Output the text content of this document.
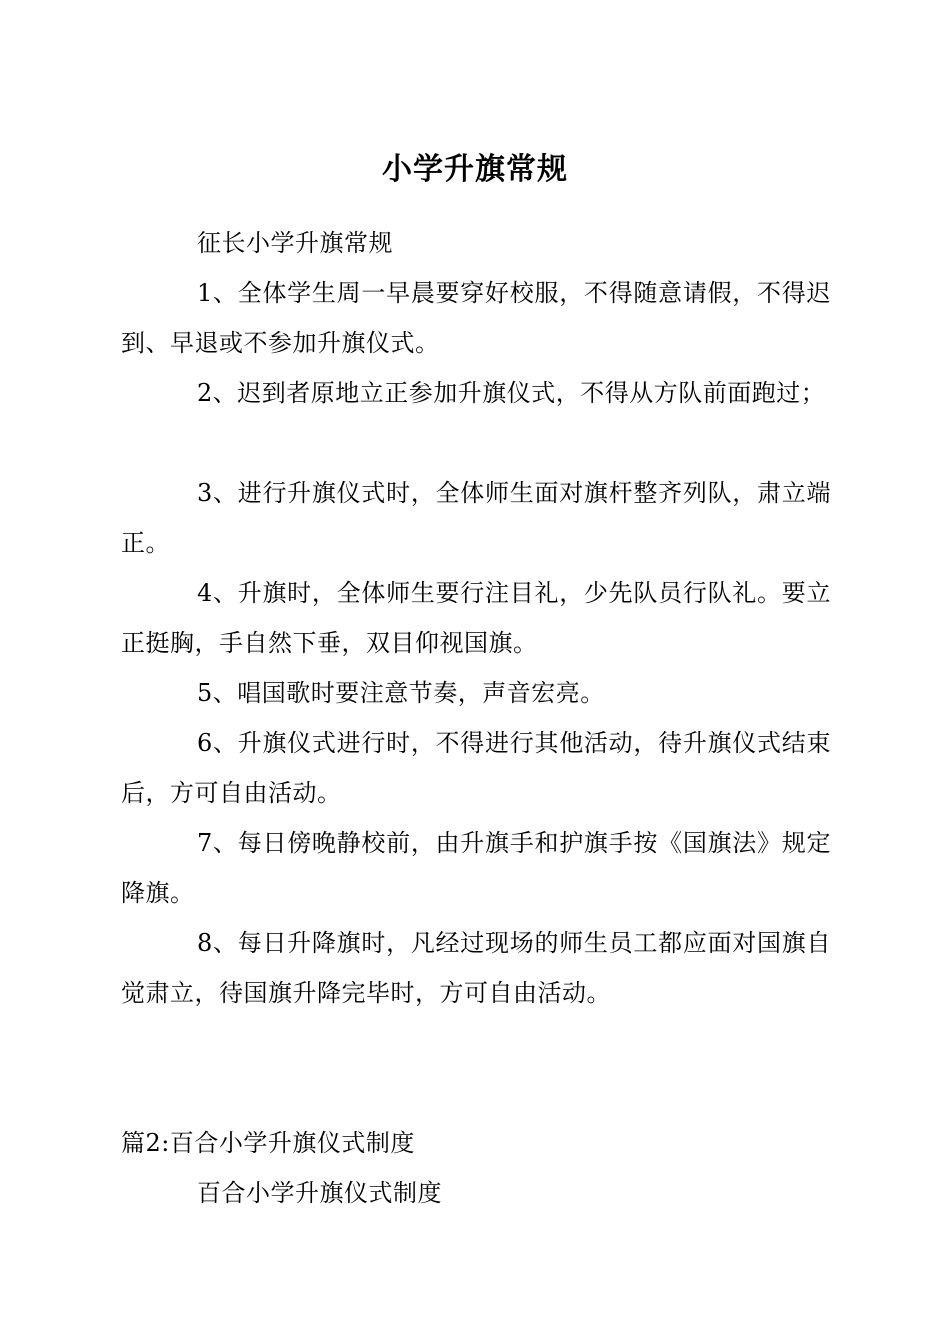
小学升旗常规

征长小学升旗常规

1、全体学生周一早晨要穿好校服，不得随意请假，不得迟到、早退或不参加升旗仪式。

2、迟到者原地立正参加升旗仪式，不得从方队前面跑过；

3、进行升旗仪式时，全体师生面对旗杆整齐列队，肃立端正。

4、升旗时，全体师生要行注目礼，少先队员行队礼。要立正挺胸，手自然下垂，双目仰视国旗。

5、唱国歌时要注意节奏，声音宏亮。

6、升旗仪式进行时，不得进行其他活动，待升旗仪式结束后，方可自由活动。

7、每日傍晚静校前，由升旗手和护旗手按《国旗法》规定降旗。

8、每日升降旗时，凡经过现场的师生员工都应面对国旗自觉肃立，待国旗升降完毕时，方可自由活动。

篇2:百合小学升旗仪式制度

百合小学升旗仪式制度
